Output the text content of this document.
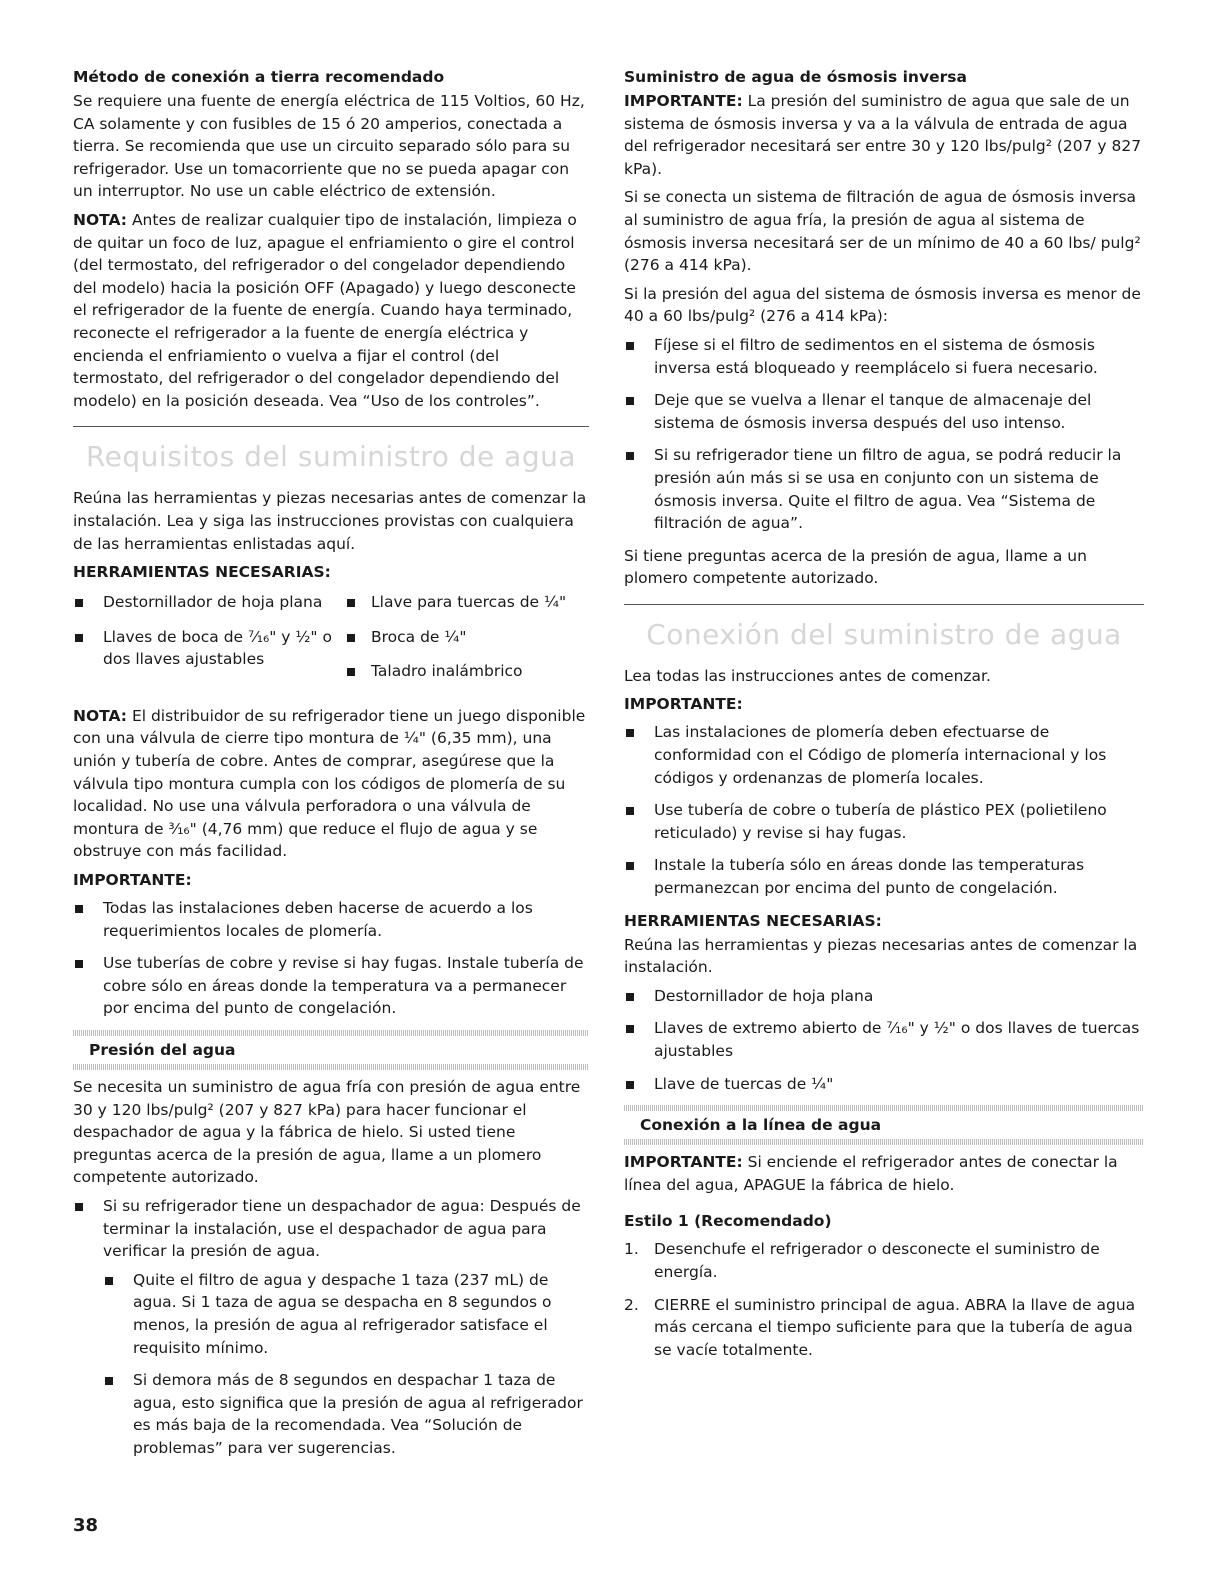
Método de conexión a tierra recomendado

Se requiere una fuente de energía eléctrica de 115 Voltios, 60 Hz, CA solamente y con fusibles de 15 ó 20 amperios, conectada a tierra. Se recomienda que use un circuito separado sólo para su refrigerador. Use un tomacorriente que no se pueda apagar con un interruptor. No use un cable eléctrico de extensión.

NOTA: Antes de realizar cualquier tipo de instalación, limpieza o de quitar un foco de luz, apague el enfriamiento o gire el control (del termostato, del refrigerador o del congelador dependiendo del modelo) hacia la posición OFF (Apagado) y luego desconecte el refrigerador de la fuente de energía. Cuando haya terminado, reconecte el refrigerador a la fuente de energía eléctrica y encienda el enfriamiento o vuelva a fijar el control (del termostato, del refrigerador o del congelador dependiendo del modelo) en la posición deseada. Vea “Uso de los controles”.

Requisitos del suministro de agua

Reúna las herramientas y piezas necesarias antes de comenzar la instalación. Lea y siga las instrucciones provistas con cualquiera de las herramientas enlistadas aquí.

HERRAMIENTAS NECESARIAS:
Destornillador de hoja plana
Llaves de boca de ⁷⁄₁₆" y ½" o dos llaves ajustables
Llave para tuercas de ¼"
Broca de ¼"
Taladro inalámbrico

NOTA: El distribuidor de su refrigerador tiene un juego disponible con una válvula de cierre tipo montura de ¼" (6,35 mm), una unión y tubería de cobre. Antes de comprar, asegúrese que la válvula tipo montura cumpla con los códigos de plomería de su localidad. No use una válvula perforadora o una válvula de montura de ³⁄₁₆" (4,76 mm) que reduce el flujo de agua y se obstruye con más facilidad.

IMPORTANTE:
Todas las instalaciones deben hacerse de acuerdo a los requerimientos locales de plomería.
Use tuberías de cobre y revise si hay fugas. Instale tubería de cobre sólo en áreas donde la temperatura va a permanecer por encima del punto de congelación.
Presión del agua

Se necesita un suministro de agua fría con presión de agua entre 30 y 120 lbs/pulg² (207 y 827 kPa) para hacer funcionar el despachador de agua y la fábrica de hielo. Si usted tiene preguntas acerca de la presión de agua, llame a un plomero competente autorizado.

Si su refrigerador tiene un despachador de agua: Después de terminar la instalación, use el despachador de agua para verificar la presión de agua.
Quite el filtro de agua y despache 1 taza (237 mL) de agua. Si 1 taza de agua se despacha en 8 segundos o menos, la presión de agua al refrigerador satisface el requisito mínimo.
Si demora más de 8 segundos en despachar 1 taza de agua, esto significa que la presión de agua al refrigerador es más baja de la recomendada. Vea “Solución de problemas” para ver sugerencias.
Suministro de agua de ósmosis inversa

IMPORTANTE: La presión del suministro de agua que sale de un sistema de ósmosis inversa y va a la válvula de entrada de agua del refrigerador necesitará ser entre 30 y 120 lbs/pulg² (207 y 827 kPa).

Si se conecta un sistema de filtración de agua de ósmosis inversa al suministro de agua fría, la presión de agua al sistema de ósmosis inversa necesitará ser de un mínimo de 40 a 60 lbs/ pulg² (276 a 414 kPa).

Si la presión del agua del sistema de ósmosis inversa es menor de 40 a 60 lbs/pulg² (276 a 414 kPa):

Fíjese si el filtro de sedimentos en el sistema de ósmosis inversa está bloqueado y reemplácelo si fuera necesario.
Deje que se vuelva a llenar el tanque de almacenaje del sistema de ósmosis inversa después del uso intenso.
Si su refrigerador tiene un filtro de agua, se podrá reducir la presión aún más si se usa en conjunto con un sistema de ósmosis inversa. Quite el filtro de agua. Vea “Sistema de filtración de agua”.

Si tiene preguntas acerca de la presión de agua, llame a un plomero competente autorizado.

Conexión del suministro de agua

Lea todas las instrucciones antes de comenzar.

IMPORTANTE:
Las instalaciones de plomería deben efectuarse de conformidad con el Código de plomería internacional y los códigos y ordenanzas de plomería locales.
Use tubería de cobre o tubería de plástico PEX (polietileno reticulado) y revise si hay fugas.
Instale la tubería sólo en áreas donde las temperaturas permanezcan por encima del punto de congelación.
HERRAMIENTAS NECESARIAS:

Reúna las herramientas y piezas necesarias antes de comenzar la instalación.

Destornillador de hoja plana
Llaves de extremo abierto de ⁷⁄₁₆" y ½" o dos llaves de tuercas ajustables
Llave de tuercas de ¼"
Conexión a la línea de agua

IMPORTANTE: Si enciende el refrigerador antes de conectar la línea del agua, APAGUE la fábrica de hielo.

Estilo 1 (Recomendado)
1. Desenchufe el refrigerador o desconecte el suministro de energía.
2. CIERRE el suministro principal de agua. ABRA la llave de agua más cercana el tiempo suficiente para que la tubería de agua se vacíe totalmente.
38
